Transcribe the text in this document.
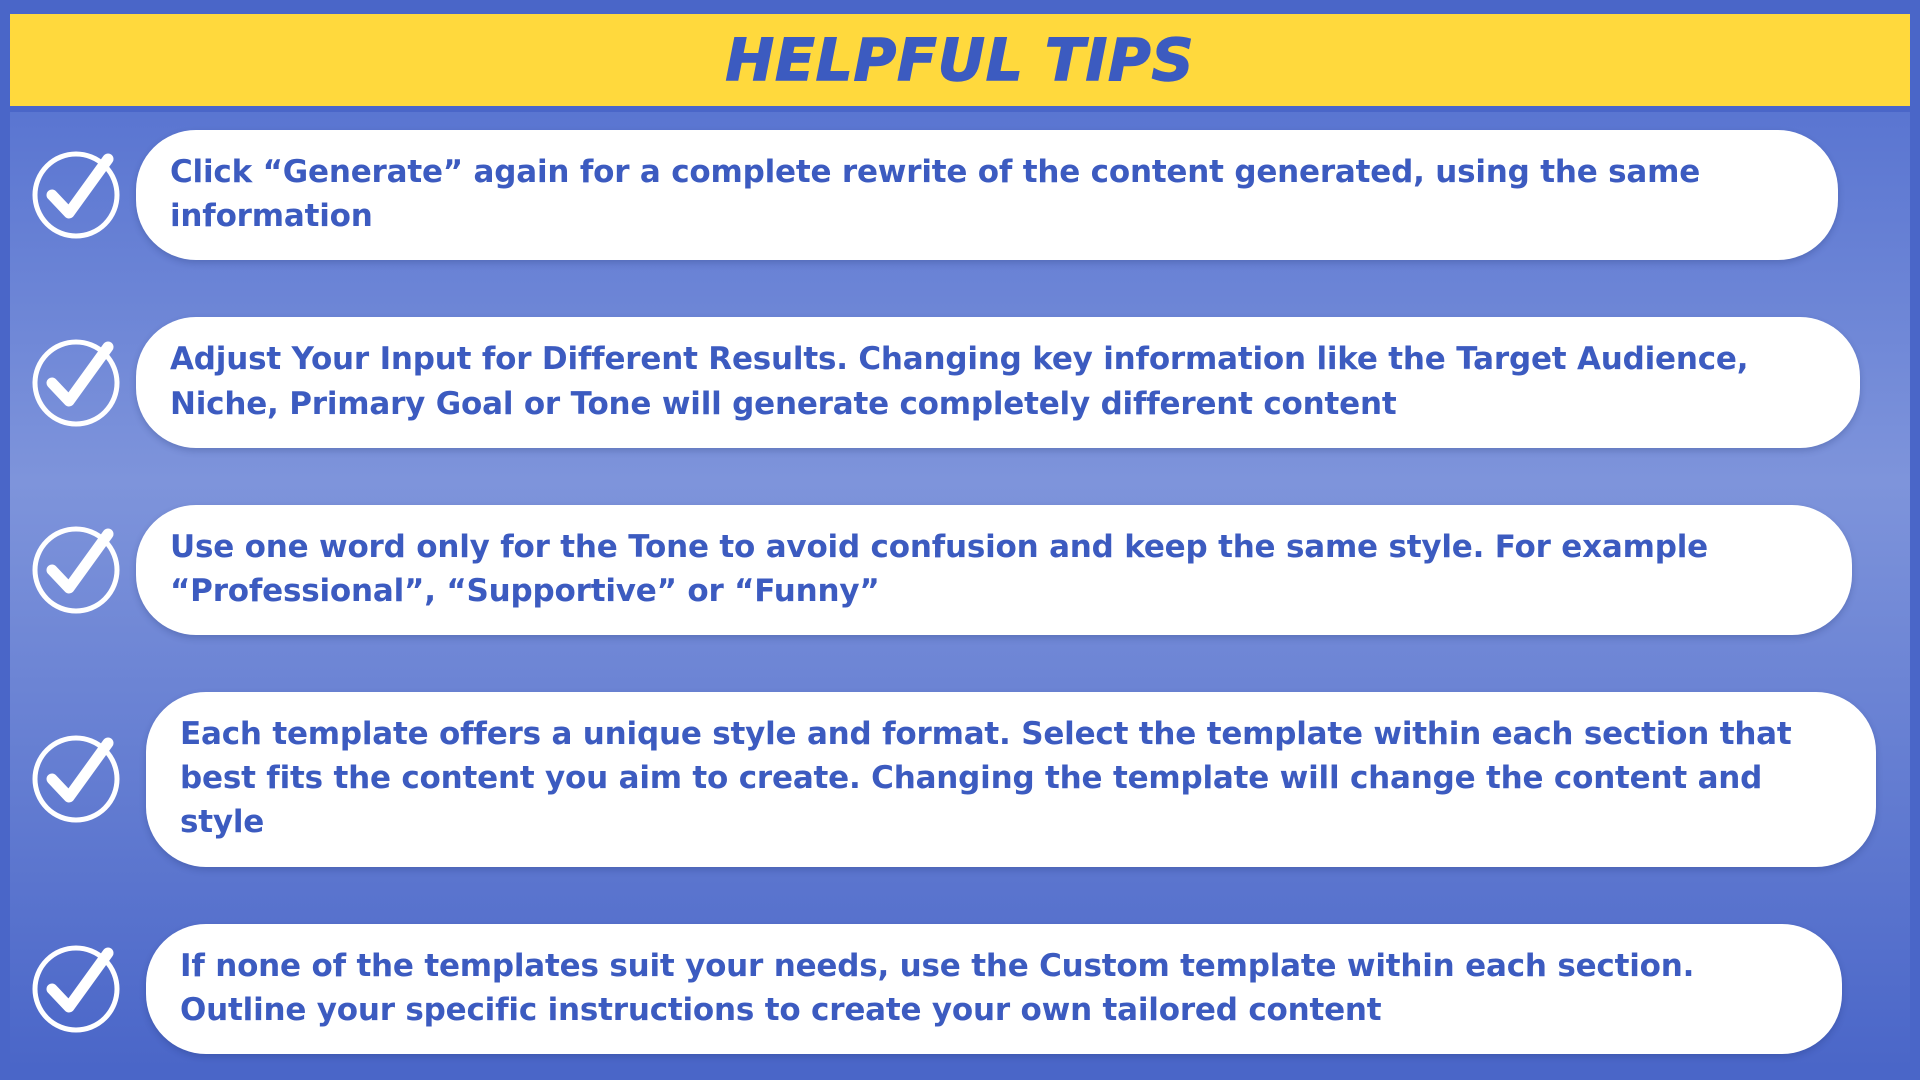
HELPFUL TIPS

Click “Generate” again for a complete rewrite of the content generated, using the same information

Adjust Your Input for Different Results. Changing key information like the Target Audience, Niche, Primary Goal or Tone will generate completely different content

Use one word only for the Tone to avoid confusion and keep the same style. For example “Professional”, “Supportive” or “Funny”

Each template offers a unique style and format. Select the template within each section that best fits the content you aim to create. Changing the template will change the content and style

If none of the templates suit your needs, use the Custom template within each section. Outline your specific instructions to create your own tailored content
